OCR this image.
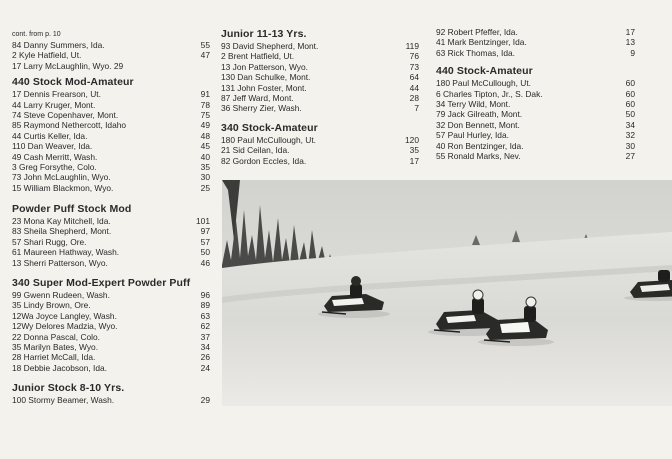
cont. from p. 10
84 Danny Summers, Ida.	55
2 Kyle Hatfield, Ut.	47
17 Larry McLaughlin, Wyo. 29
440 Stock Mod-Amateur
17 Dennis Frearson, Ut.	91
44 Larry Kruger, Mont.	78
74 Steve Copenhaver, Mont.	75
85 Raymond Nethercott, Idaho	49
44 Curtis Keller, Ida.	48
110 Dan Weaver, Ida.	45
49 Cash Merritt, Wash.	40
3 Greg Forsythe, Colo.	35
73 John McLaughlin, Wyo.	30
15 William Blackmon, Wyo.	25
Powder Puff Stock Mod
23 Mona Kay Mitchell, Ida.	101
83 Sheila Shepherd, Mont.	97
57 Shari Rugg, Ore.	57
61 Maureen Hathway, Wash.	50
13 Sherri Patterson, Wyo.	46
340 Super Mod-Expert Powder Puff
99 Gwenn Rudeen, Wash.	96
35 Lindy Brown, Ore.	89
12Wa Joyce Langley, Wash.	63
12Wy Delores Madzia, Wyo.	62
22 Donna Pascal, Colo.	37
35 Marilyn Bates, Wyo.	34
28 Harriet McCall, Ida.	26
18 Debbie Jacobson, Ida.	24
Junior Stock 8-10 Yrs.
100 Stormy Beamer, Wash.	29
Junior 11-13 Yrs.
93 David Shepherd, Mont.	119
2 Brent Hatfield, Ut.	76
13 Jon Patterson, Wyo.	73
130 Dan Schulke, Mont.	64
131 John Foster, Mont.	44
87 Jeff Ward, Mont.	28
36 Sherry Zier, Wash.	7
340 Stock-Amateur
180 Paul McCullough, Ut.	120
21 Sid Ceilan, Ida.	35
82 Gordon Eccles, Ida.	17
92 Robert Pfeffer, Ida.	17
41 Mark Bentzinger, Ida.	13
63 Rick Thomas, Ida.	9
440 Stock-Amateur
180 Paul McCullough, Ut.	60
6 Charles Tipton, Jr., S. Dak.	60
34 Terry Wild, Mont.	60
79 Jack Gilreath, Mont.	50
32 Don Bennett, Mont.	34
57 Paul Hurley, Ida.	32
40 Ron Bentzinger, Ida.	30
55 Ronald Marks, Nev.	27
